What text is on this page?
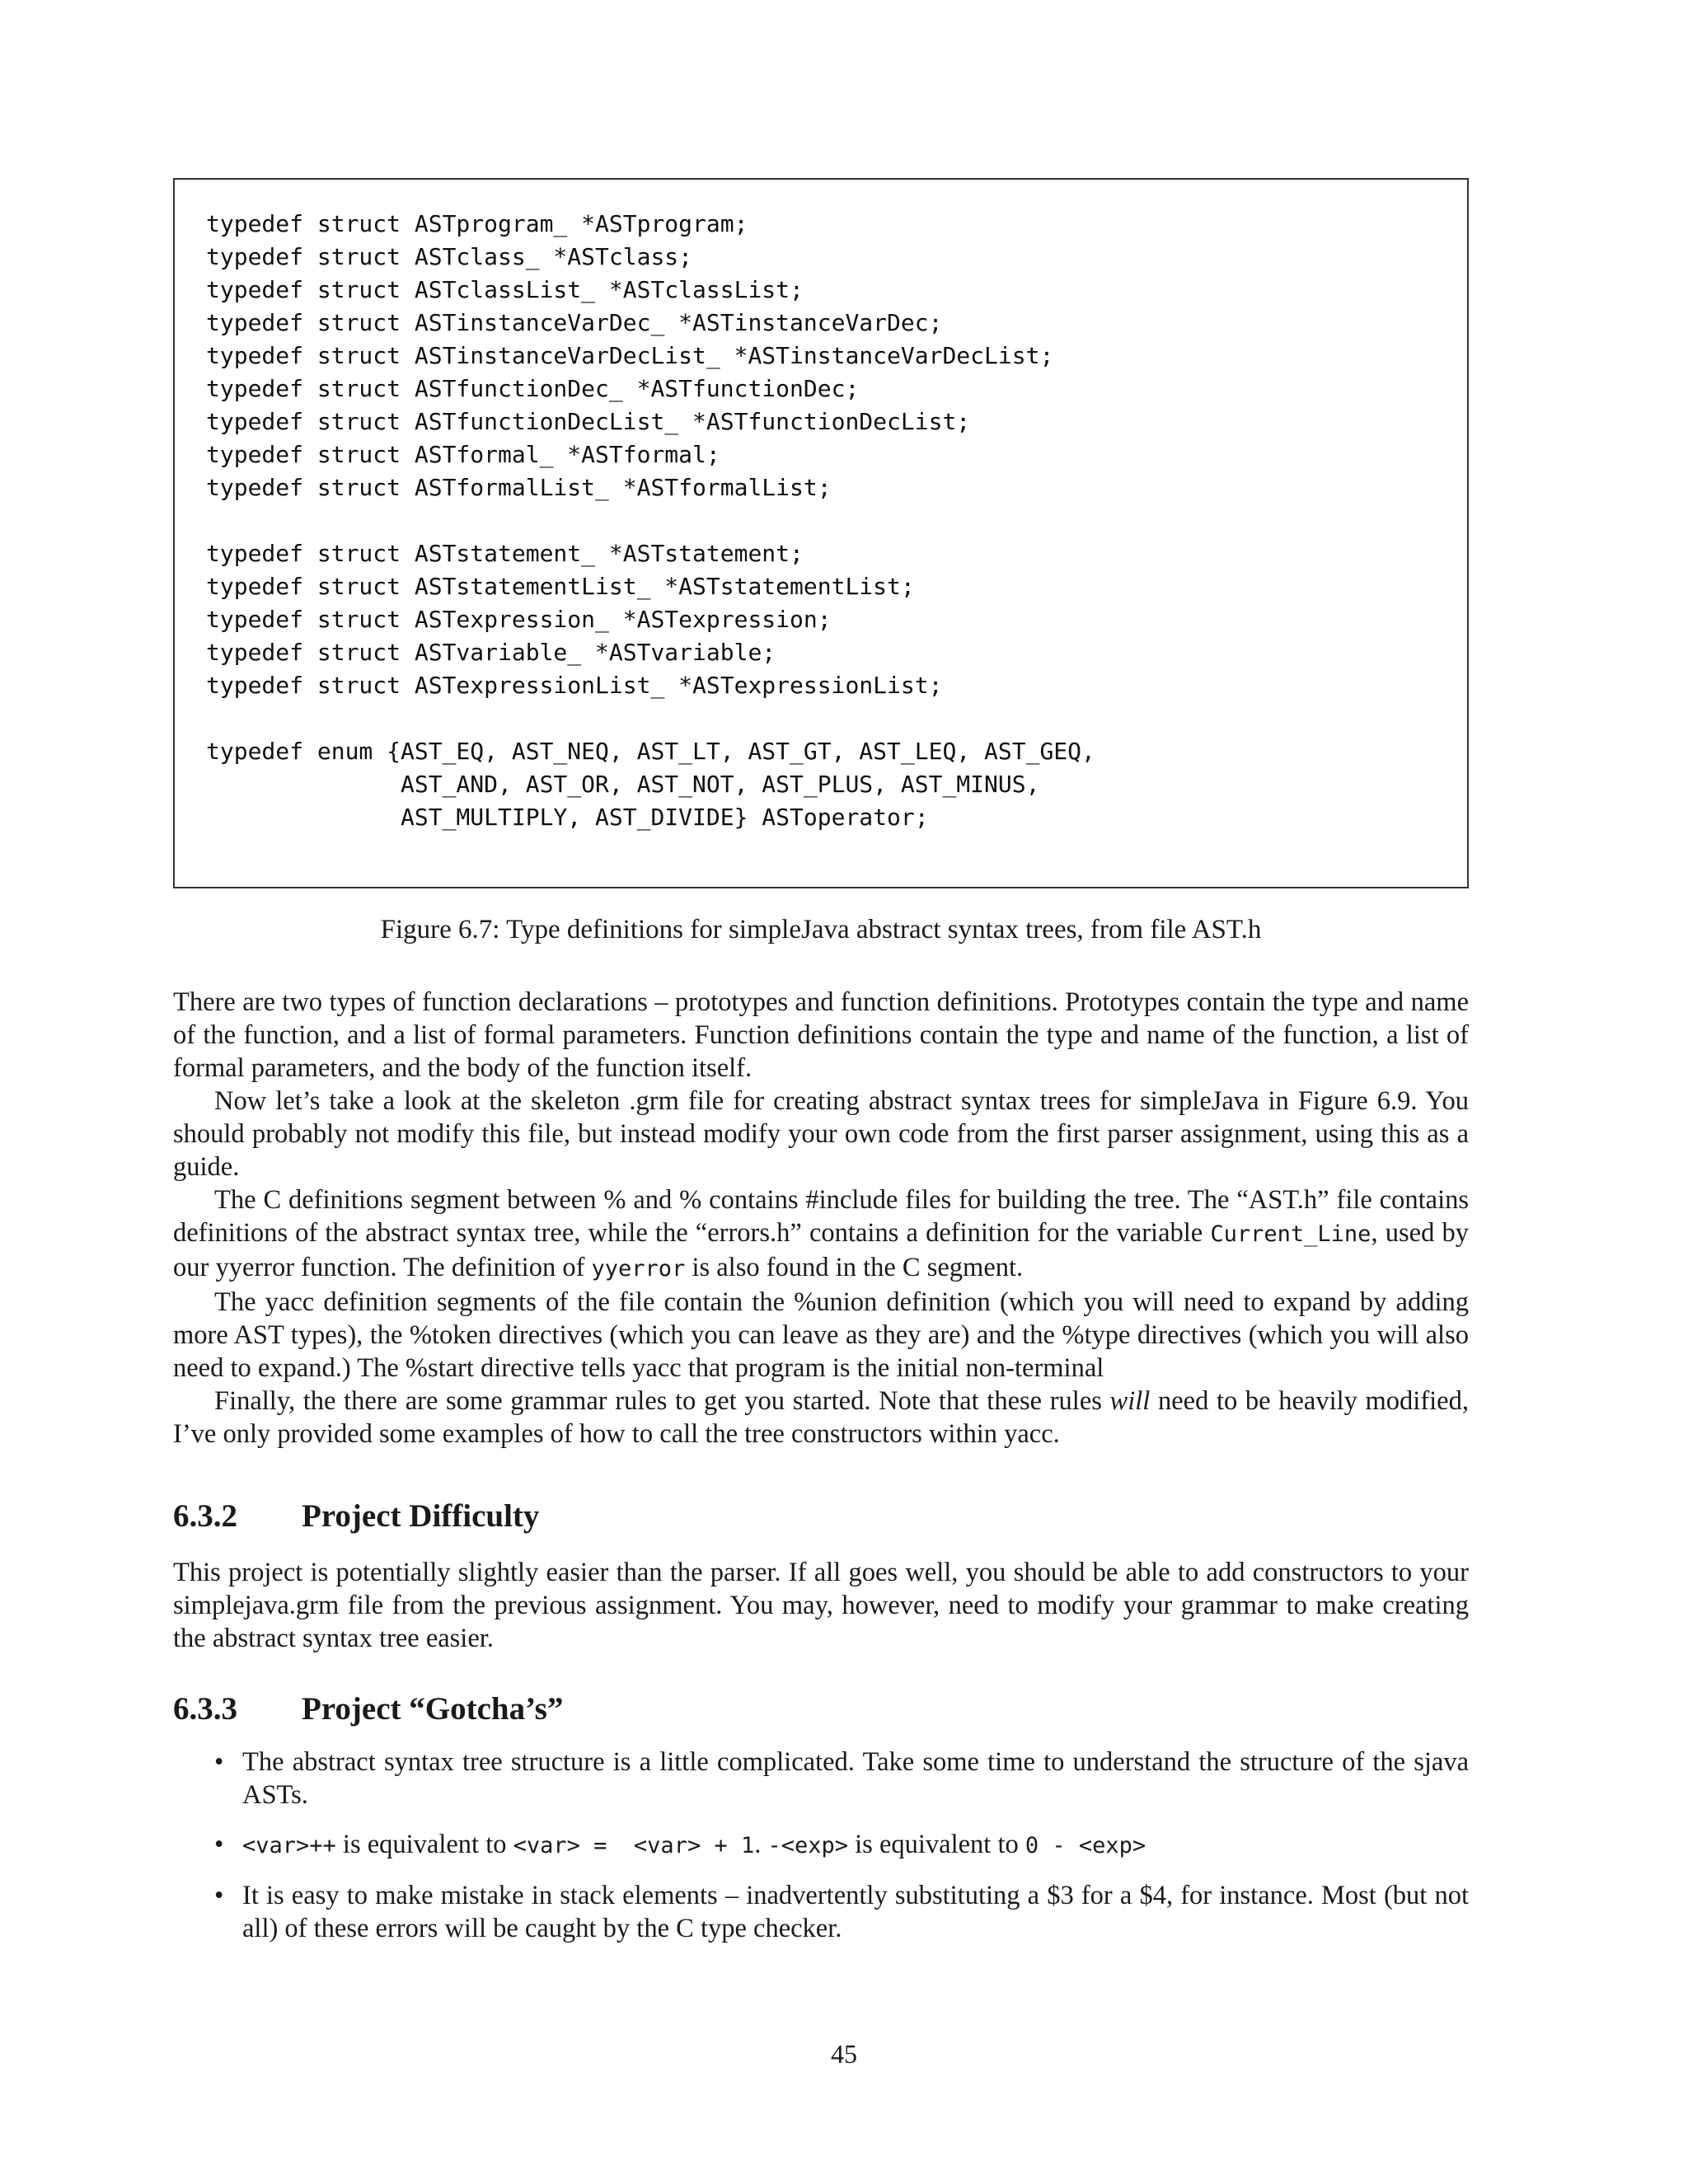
typedef struct ASTprogram_ *ASTprogram;
typedef struct ASTclass_ *ASTclass;
typedef struct ASTclassList_ *ASTclassList;
typedef struct ASTinstanceVarDec_ *ASTinstanceVarDec;
typedef struct ASTinstanceVarDecList_ *ASTinstanceVarDecList;
typedef struct ASTfunctionDec_ *ASTfunctionDec;
typedef struct ASTfunctionDecList_ *ASTfunctionDecList;
typedef struct ASTformal_ *ASTformal;
typedef struct ASTformalList_ *ASTformalList;

typedef struct ASTstatement_ *ASTstatement;
typedef struct ASTstatementList_ *ASTstatementList;
typedef struct ASTexpression_ *ASTexpression;
typedef struct ASTvariable_ *ASTvariable;
typedef struct ASTexpressionList_ *ASTexpressionList;

typedef enum {AST_EQ, AST_NEQ, AST_LT, AST_GT, AST_LEQ, AST_GEQ,
AST_AND, AST_OR, AST_NOT, AST_PLUS, AST_MINUS,
AST_MULTIPLY, AST_DIVIDE} ASToperator;

Figure 6.7: Type definitions for simpleJava abstract syntax trees, from file AST.h

There are two types of function declarations – prototypes and function definitions. Prototypes contain the type and name of the function, and a list of formal parameters. Function definitions contain the type and name of the function, a list of formal parameters, and the body of the function itself.

Now let’s take a look at the skeleton .grm file for creating abstract syntax trees for simpleJava in Figure 6.9. You should probably not modify this file, but instead modify your own code from the first parser assignment, using this as a guide.

The C definitions segment between % and % contains #include files for building the tree. The “AST.h” file contains definitions of the abstract syntax tree, while the “errors.h” contains a definition for the variable Current_Line, used by our yyerror function. The definition of yyerror is also found in the C segment.

The yacc definition segments of the file contain the %union definition (which you will need to expand by adding more AST types), the %token directives (which you can leave as they are) and the %type directives (which you will also need to expand.) The %start directive tells yacc that program is the initial non-terminal

Finally, the there are some grammar rules to get you started. Note that these rules will need to be heavily modified, I’ve only provided some examples of how to call the tree constructors within yacc.

6.3.2 Project Difficulty

This project is potentially slightly easier than the parser. If all goes well, you should be able to add constructors to your simplejava.grm file from the previous assignment. You may, however, need to modify your grammar to make creating the abstract syntax tree easier.

6.3.3 Project “Gotcha’s”
• The abstract syntax tree structure is a little complicated. Take some time to understand the structure of the sjava ASTs.
• <var>++ is equivalent to <var> =  <var> + 1. -<exp> is equivalent to 0 - <exp>
• It is easy to make mistake in stack elements – inadvertently substituting a $3 for a $4, for instance. Most (but not all) of these errors will be caught by the C type checker.
45
